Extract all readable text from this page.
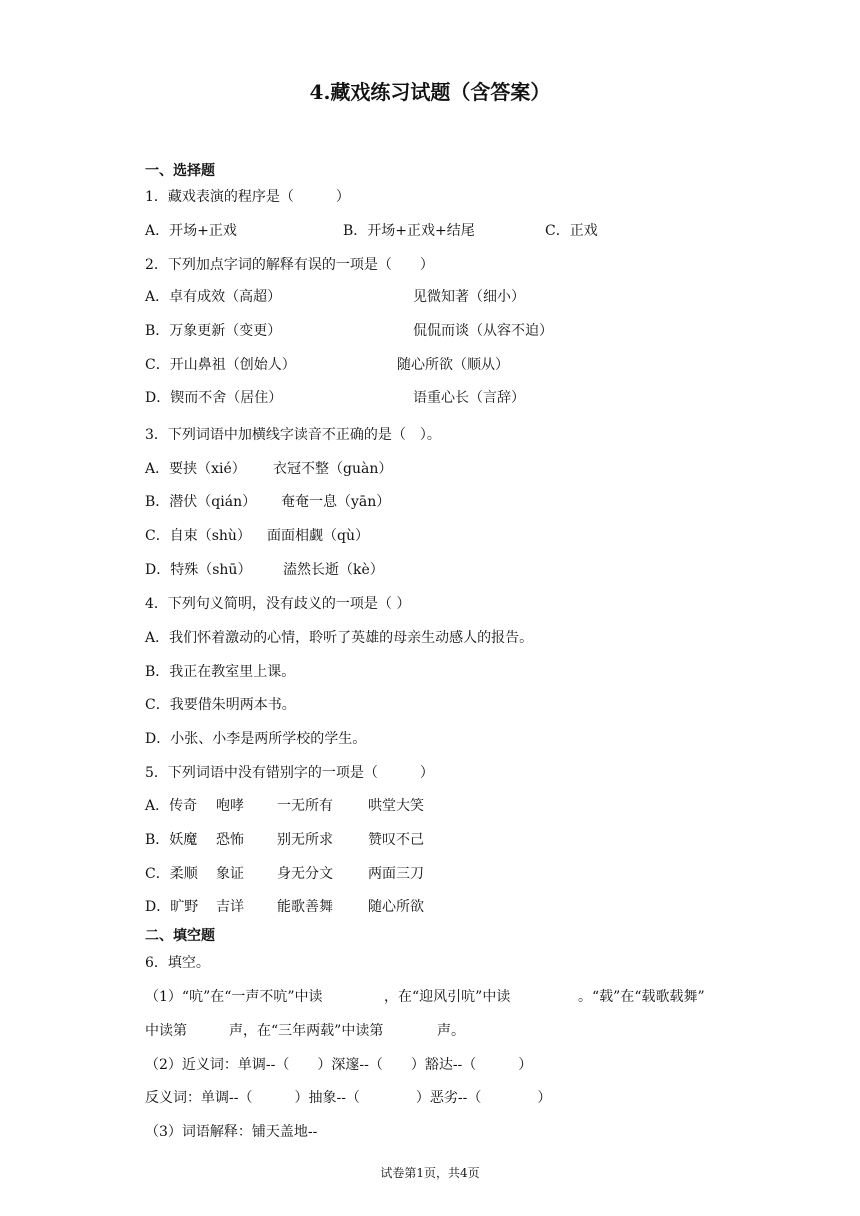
4.藏戏练习试题（含答案）
一、选择题
1．藏戏表演的程序是（　　　）
A．开场+正戏	B．开场+正戏+结尾	C．正戏
2．下列加点字词的解释有误的一项是（　　）
A．卓有成效（高超）	见微知著（细小）
B．万象更新（变更）	侃侃而谈（从容不迫）
C．开山鼻祖（创始人）	随心所欲（顺从）
D．锲而不舍（居住）	语重心长（言辞）
3．下列词语中加横线字读音不正确的是（　）。
A．要挟（xié） 衣冠不整（guàn）
B．潜伏（qián） 奄奄一息（yān）
C．自束（shù） 面面相觑（qù）
D．特殊（shū） 溘然长逝（kè）
4．下列句义简明，没有歧义的一项是（ ）
A．我们怀着激动的心情，聆听了英雄的母亲生动感人的报告。
B．我正在教室里上课。
C．我要借朱明两本书。
D．小张、小李是两所学校的学生。
5．下列词语中没有错别字的一项是（　　　）
A．传奇 咆哮 一无所有	哄堂大笑
B．妖魔 恐怖 别无所求	赞叹不己
C．柔顺 象证 身无分文	两面三刀
D．旷野 吉详 能歌善舞	随心所欲
二、填空题
6．填空。
（1）“吭”在“一声不吭”中读	，在“迎风引吭”中读	。“载”在“载歌载舞”
中读第	声，在“三年两载”中读第	声。
（2）近义词：单调--（　　）深邃--（　　）豁达--（　　　）
反义词：单调--（　　　）抽象--（　　　　）恶劣--（　　　　）
（3）词语解释：铺天盖地--
试卷第1页，共4页
